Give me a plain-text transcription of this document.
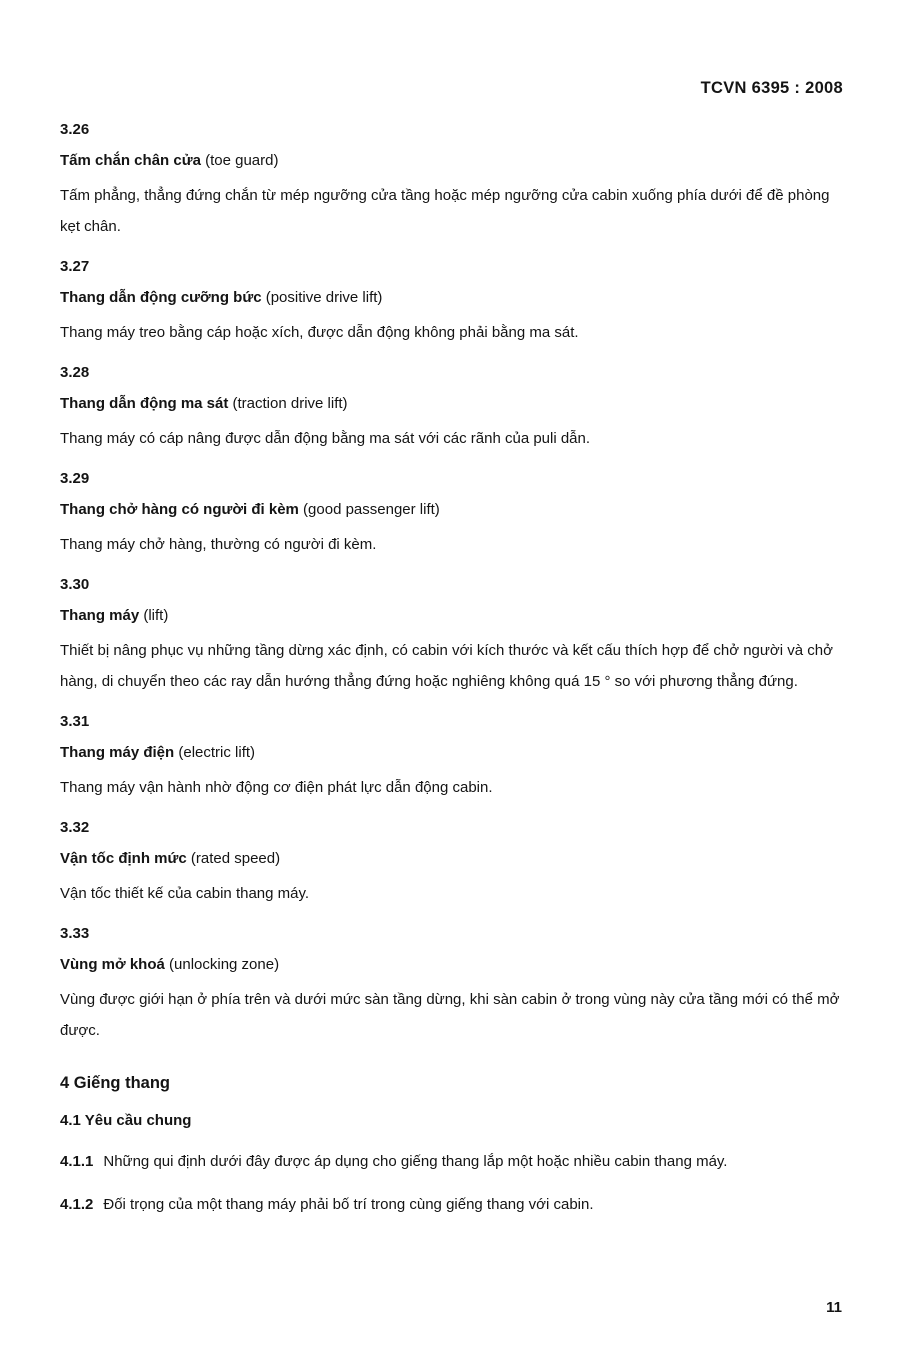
TCVN 6395 : 2008
3.26
Tấm chắn chân cửa (toe guard)
Tấm phẳng, thẳng đứng chắn từ mép ngưỡng cửa tầng hoặc mép ngưỡng cửa cabin xuống phía dưới để đề phòng kẹt chân.
3.27
Thang dẫn động cưỡng bức (positive drive lift)
Thang máy treo bằng cáp hoặc xích, được dẫn động không phải bằng ma sát.
3.28
Thang dẫn động ma sát (traction drive lift)
Thang máy có cáp nâng được dẫn động bằng ma sát với các rãnh của puli dẫn.
3.29
Thang chở hàng có người đi kèm (good passenger lift)
Thang máy chở hàng, thường có người đi kèm.
3.30
Thang máy (lift)
Thiết bị nâng phục vụ những tầng dừng xác định, có cabin với kích thước và kết cấu thích hợp để chở người và chở hàng, di chuyển theo các ray dẫn hướng thẳng đứng hoặc nghiêng không quá 15 ° so với phương thẳng đứng.
3.31
Thang máy điện (electric lift)
Thang máy vận hành nhờ động cơ điện phát lực dẫn động cabin.
3.32
Vận tốc định mức (rated speed)
Vận tốc thiết kế của cabin thang máy.
3.33
Vùng mở khoá (unlocking zone)
Vùng được giới hạn ở phía trên và dưới mức sàn tầng dừng, khi sàn cabin ở trong vùng này cửa tầng mới có thể mở được.
4 Giếng thang
4.1 Yêu cầu chung
4.1.1 Những qui định dưới đây được áp dụng cho giếng thang lắp một hoặc nhiều cabin thang máy.
4.1.2 Đối trọng của một thang máy phải bố trí trong cùng giếng thang với cabin.
11
